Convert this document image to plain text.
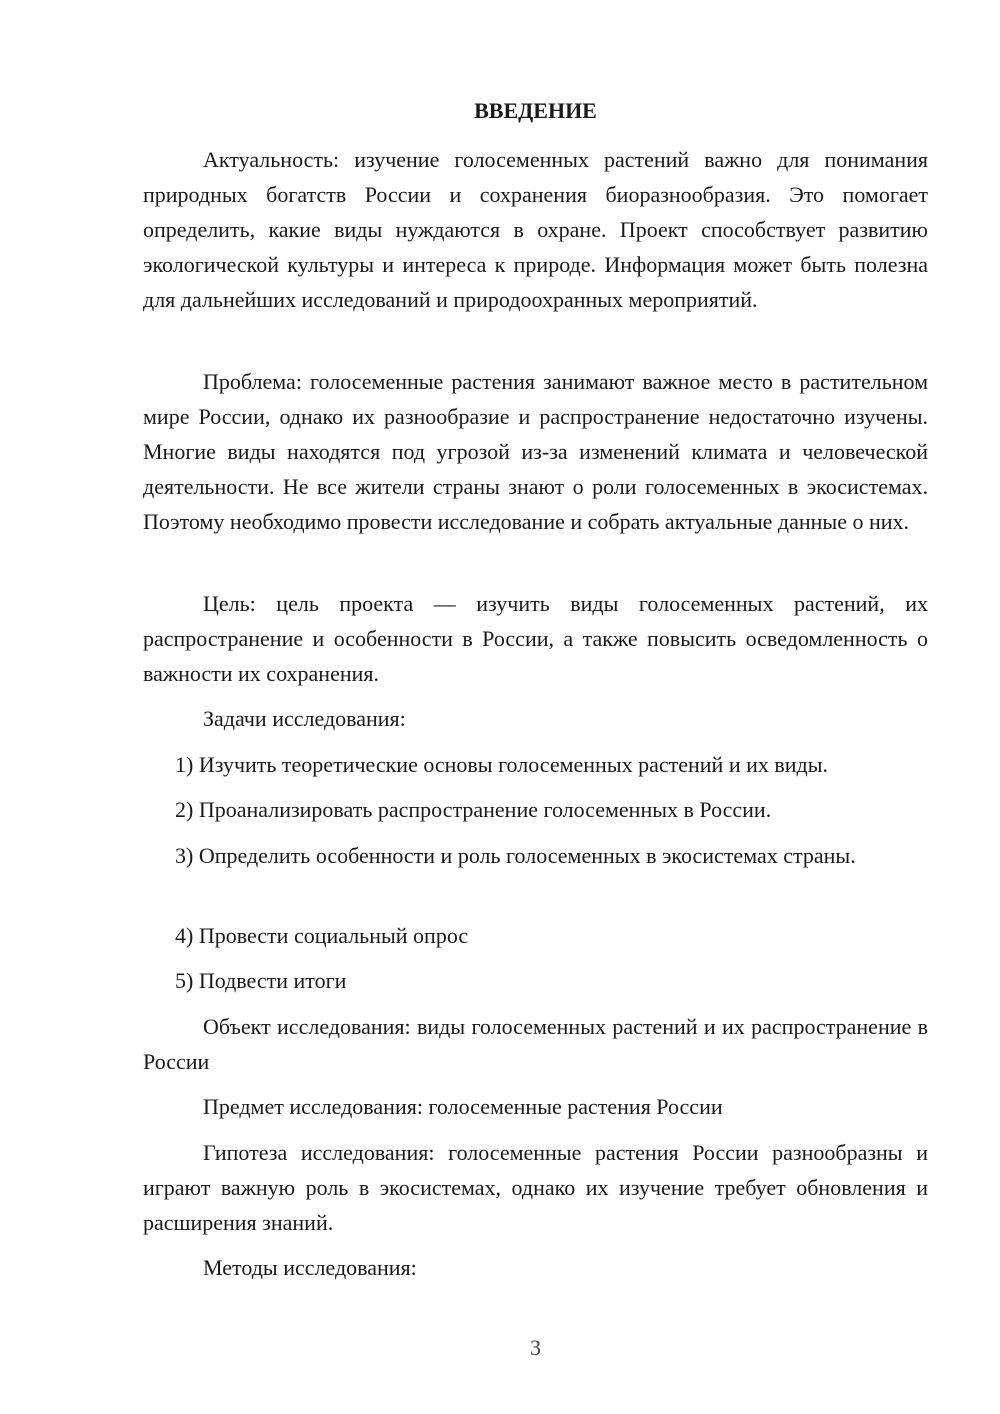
ВВЕДЕНИЕ

Актуальность: изучение голосеменных растений важно для понимания природных богатств России и сохранения биоразнообразия. Это помогает определить, какие виды нуждаются в охране. Проект способствует развитию экологической культуры и интереса к природе. Информация может быть полезна для дальнейших исследований и природоохранных мероприятий.

Проблема: голосеменные растения занимают важное место в растительном мире России, однако их разнообразие и распространение недостаточно изучены. Многие виды находятся под угрозой из-за изменений климата и человеческой деятельности. Не все жители страны знают о роли голосеменных в экосистемах. Поэтому необходимо провести исследование и собрать актуальные данные о них.

Цель: цель проекта — изучить виды голосеменных растений, их распространение и особенности в России, а также повысить осведомленность о важности их сохранения.

Задачи исследования:

1) Изучить теоретические основы голосеменных растений и их виды.

2) Проанализировать распространение голосеменных в России.

3) Определить особенности и роль голосеменных в экосистемах страны.

4) Провести социальный опрос

5) Подвести итоги

Объект исследования: виды голосеменных растений и их распространение в России

Предмет исследования: голосеменные растения России

Гипотеза исследования: голосеменные растения России разнообразны и играют важную роль в экосистемах, однако их изучение требует обновления и расширения знаний.

Методы исследования:

3
